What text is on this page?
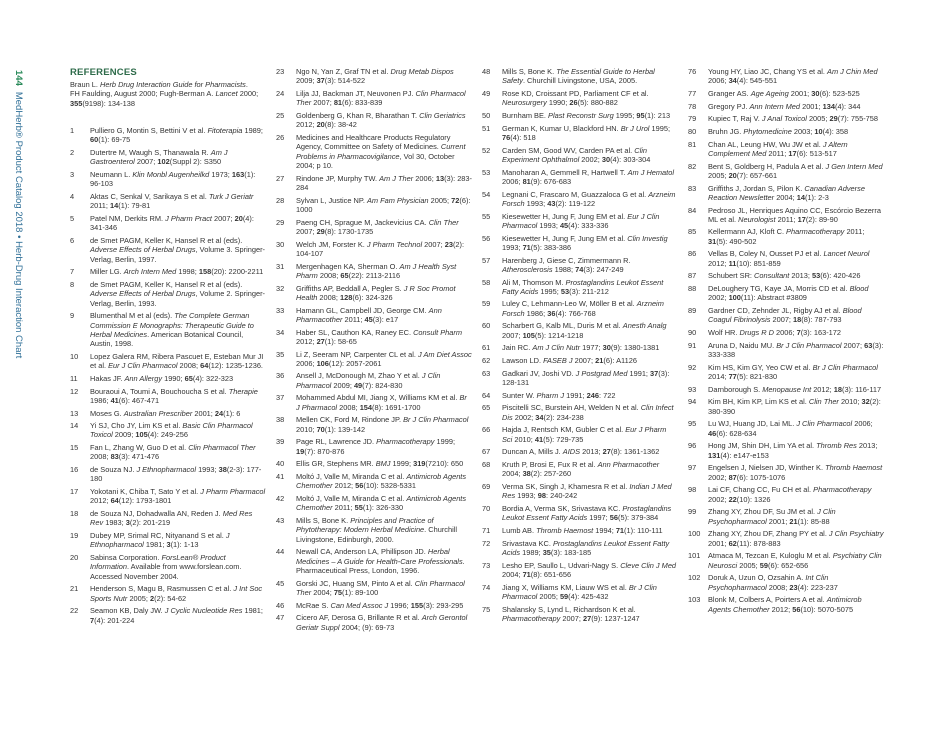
144MedHerb® Product Catalog 2018 • Herb-Drug Interaction Chart
REFERENCES
Braun L. Herb Drug Interaction Guide for Pharmacists.
FH Faulding, August 2000; Fugh-Berman A. Lancet 2000;
355(9198): 134-138
1	Pulliero G, Montin S, Bettini V et al. Fitoterapia 1989; 60(1): 69-75
2	Dutertre M, Waugh S, Thanawala R. Am J Gastroenterol 2007; 102(Suppl 2): S350
3	Neumann L. Klin Monbl Augenheilkd 1973; 163(1): 96-103
4	Aktas C, Senkal V, Sarikaya S et al. Turk J Geriatr 2011; 14(1): 79-81
5	Patel NM, Derkits RM. J Pharm Pract 2007; 20(4): 341-346
6	de Smet PAGM, Keller K, Hansel R et al (eds). Adverse Effects of Herbal Drugs, Volume 3. Springer-Verlag, Berlin, 1997.
7	Miller LG. Arch Intern Med 1998; 158(20): 2200-2211
8	de Smet PAGM, Keller K, Hansel R et al (eds). Adverse Effects of Herbal Drugs, Volume 2. Springer-Verlag, Berlin, 1993.
9	Blumenthal M et al (eds). The Complete German Commission E Monographs: Therapeutic Guide to Herbal Medicines. American Botanical Council, Austin, 1998.
10	Lopez Galera RM, Ribera Pascuet E, Esteban Mur JI et al. Eur J Clin Pharmacol 2008; 64(12): 1235-1236.
11	Hakas JF. Ann Allergy 1990; 65(4): 322-323
12	Bouraoui A, Toumi A, Bouchoucha S et al. Therapie 1986; 41(6): 467-471
13	Moses G. Australian Prescriber 2001; 24(1): 6
14	Yi SJ, Cho JY, Lim KS et al. Basic Clin Pharmacol Toxicol 2009; 105(4): 249-256
15	Fan L, Zhang W, Guo D et al. Clin Pharmacol Ther 2008; 83(3): 471-476
16	de Souza NJ. J Ethnopharmacol 1993; 38(2-3): 177-180
17	Yokotani K, Chiba T, Sato Y et al. J Pharm Pharmacol 2012; 64(12): 1793-1801
18	de Souza NJ, Dohadwalla AN, Reden J. Med Res Rev 1983; 3(2): 201-219
19	Dubey MP, Srimal RC, Nityanand S et al. J Ethnopharmacol 1981; 3(1): 1-13
20	Sabinsa Corporation. ForsLean® Product Information. Available from www.forslean.com. Accessed November 2004.
21	Henderson S, Magu B, Rasmussen C et al. J Int Soc Sports Nutr 2005; 2(2): 54-62
22	Seamon KB, Daly JW. J Cyclic Nucleotide Res 1981; 7(4): 201-224
23	Ngo N, Yan Z, Graf TN et al. Drug Metab Dispos 2009; 37(3): 514-522
24	Lilja JJ, Backman JT, Neuvonen PJ. Clin Pharmacol Ther 2007; 81(6): 833-839
25	Goldenberg G, Khan R, Bharathan T. Clin Geriatrics 2012; 20(8): 38-42
26	Medicines and Healthcare Products Regulatory Agency, Committee on Safety of Medicines. Current Problems in Pharmacovigilance, Vol 30, October 2004; p 10.
27	Rindone JP, Murphy TW. Am J Ther 2006; 13(3): 283-284
28	Sylvan L, Justice NP. Am Fam Physician 2005; 72(6): 1000
29	Paeng CH, Sprague M, Jackevicius CA. Clin Ther 2007; 29(8): 1730-1735
30	Welch JM, Forster K. J Pharm Technol 2007; 23(2): 104-107
31	Mergenhagen KA, Sherman O. Am J Health Syst Pharm 2008; 65(22): 2113-2116
32	Griffiths AP, Beddall A, Pegler S. J R Soc Promot Health 2008; 128(6): 324-326
33	Hamann GL, Campbell JD, George CM. Ann Pharmacother 2011; 45(3): e17
34	Haber SL, Cauthon KA, Raney EC. Consult Pharm 2012; 27(1): 58-65
35	Li Z, Seeram NP, Carpenter CL et al. J Am Diet Assoc 2006; 106(12): 2057-2061
36	Ansell J, McDonough M, Zhao Y et al. J Clin Pharmacol 2009; 49(7): 824-830
37	Mohammed Abdul MI, Jiang X, Williams KM et al. Br J Pharmacol 2008; 154(8): 1691-1700
38	Mellen CK, Ford M, Rindone JP. Br J Clin Pharmacol 2010; 70(1): 139-142
39	Page RL, Lawrence JD. Pharmacotherapy 1999; 19(7): 870-876
40	Ellis GR, Stephens MR. BMJ 1999; 319(7210): 650
41	Moltó J, Valle M, Miranda C et al. Antimicrob Agents Chemother 2012; 56(10): 5328-5331
42	Moltó J, Valle M, Miranda C et al. Antimicrob Agents Chemother 2011; 55(1): 326-330
43	Mills S, Bone K. Principles and Practice of Phytotherapy: Modern Herbal Medicine. Churchill Livingstone, Edinburgh, 2000.
44	Newall CA, Anderson LA, Phillipson JD. Herbal Medicines – A Guide for Health-Care Professionals. Pharmaceutical Press, London, 1996.
45	Gorski JC, Huang SM, Pinto A et al. Clin Pharmacol Ther 2004; 75(1): 89-100
46	McRae S. Can Med Assoc J 1996; 155(3): 293-295
47	Cicero AF, Derosa G, Brillante R et al. Arch Gerontol Geriatr Suppl 2004; (9): 69-73
48	Mills S, Bone K. The Essential Guide to Herbal Safety. Churchill Livingstone, USA, 2005.
49	Rose KD, Croissant PD, Parliament CF et al. Neurosurgery 1990; 26(5): 880-882
50	Burnham BE. Plast Reconstr Surg 1995; 95(1): 213
51	German K, Kumar U, Blackford HN. Br J Urol 1995; 76(4): 518
52	Carden SM, Good WV, Carden PA et al. Clin Experiment Ophthalmol 2002; 30(4): 303-304
53	Manoharan A, Gemmell R, Hartwell T. Am J Hematol 2006; 81(9): 676-683
54	Legnani C, Frascaro M, Guazzaloca G et al. Arzneim Forsch 1993; 43(2): 119-122
55	Kiesewetter H, Jung F, Jung EM et al. Eur J Clin Pharmacol 1993; 45(4): 333-336
56	Kiesewetter H, Jung F, Jung EM et al. Clin Investig 1993; 71(5): 383-386
57	Harenberg J, Giese C, Zimmermann R. Atherosclerosis 1988; 74(3): 247-249
58	Ali M, Thomson M. Prostaglandins Leukot Essent Fatty Acids 1995; 53(3): 211-212
59	Luley C, Lehmann-Leo W, Möller B et al. Arzneim Forsch 1986; 36(4): 766-768
60	Scharbert G, Kalb ML, Duris M et al. Anesth Analg 2007; 105(5): 1214-1218
61	Jain RC. Am J Clin Nutr 1977; 30(9): 1380-1381
62	Lawson LD. FASEB J 2007; 21(6): A1126
63	Gadkari JV, Joshi VD. J Postgrad Med 1991; 37(3): 128-131
64	Sunter W. Pharm J 1991; 246: 722
65	Piscitelli SC, Burstein AH, Welden N et al. Clin Infect Dis 2002; 34(2): 234-238
66	Hajda J, Rentsch KM, Gubler C et al. Eur J Pharm Sci 2010; 41(5): 729-735
67	Duncan A, Mills J. AIDS 2013; 27(8): 1361-1362
68	Kruth P, Brosi E, Fux R et al. Ann Pharmacother 2004; 38(2): 257-260
69	Verma SK, Singh J, Khamesra R et al. Indian J Med Res 1993; 98: 240-242
70	Bordia A, Verma SK, Srivastava KC. Prostaglandins Leukot Essent Fatty Acids 1997; 56(5): 379-384
71	Lumb AB. Thromb Haemost 1994; 71(1): 110-111
72	Srivastava KC. Prostaglandins Leukot Essent Fatty Acids 1989; 35(3): 183-185
73	Lesho EP, Saullo L, Udvari-Nagy S. Cleve Clin J Med 2004; 71(8): 651-656
74	Jiang X, Williams KM, Liauw WS et al. Br J Clin Pharmacol 2005; 59(4): 425-432
75	Shalansky S, Lynd L, Richardson K et al. Pharmacotherapy 2007; 27(9): 1237-1247
76	Young HY, Liao JC, Chang YS et al. Am J Chin Med 2006; 34(4): 545-551
77	Granger AS. Age Ageing 2001; 30(6): 523-525
78	Gregory PJ. Ann Intern Med 2001; 134(4): 344
79	Kupiec T, Raj V. J Anal Toxicol 2005; 29(7): 755-758
80	Bruhn JG. Phytomedicine 2003; 10(4): 358
81	Chan AL, Leung HW, Wu JW et al. J Altern Complement Med 2011; 17(6): 513-517
82	Bent S, Goldberg H, Padula A et al. J Gen Intern Med 2005; 20(7): 657-661
83	Griffiths J, Jordan S, Pilon K. Canadian Adverse Reaction Newsletter 2004; 14(1): 2-3
84	Pedroso JL, Henriques Aquino CC, Escórcio Bezerra ML et al. Neurologist 2011; 17(2): 89-90
85	Kellermann AJ, Kloft C. Pharmacotherapy 2011; 31(5): 490-502
86	Vellas B, Coley N, Ousset PJ et al. Lancet Neurol 2012; 11(10): 851-859
87	Schubert SR: Consultant 2013; 53(6): 420-426
88	DeLoughery TG, Kaye JA, Morris CD et al. Blood 2002; 100(11): Abstract #3809
89	Gardner CD, Zehnder JL, Rigby AJ et al. Blood Coagul Fibrinolysis 2007; 18(8): 787-793
90	Wolf HR. Drugs R D 2006; 7(3): 163-172
91	Aruna D, Naidu MU. Br J Clin Pharmacol 2007; 63(3): 333-338
92	Kim HS, Kim GY, Yeo CW et al. Br J Clin Pharmacol 2014; 77(5): 821-830
93	Darnborough S. Menopause Int 2012; 18(3): 116-117
94	Kim BH, Kim KP, Lim KS et al. Clin Ther 2010; 32(2): 380-390
95	Lu WJ, Huang JD, Lai ML. J Clin Pharmacol 2006; 46(6): 628-634
96	Hong JM, Shin DH, Lim YA et al. Thromb Res 2013; 131(4): e147-e153
97	Engelsen J, Nielsen JD, Winther K. Thromb Haemost 2002; 87(6): 1075-1076
98	Lai CF, Chang CC, Fu CH et al. Pharmacotherapy 2002; 22(10): 1326
99	Zhang XY, Zhou DF, Su JM et al. J Clin Psychopharmacol 2001; 21(1): 85-88
100	Zhang XY, Zhou DF, Zhang PY et al. J Clin Psychiatry 2001; 62(11): 878-883
101	Atmaca M, Tezcan E, Kuloglu M et al. Psychiatry Clin Neurosci 2005; 59(6): 652-656
102	Doruk A, Uzun O, Ozsahin A. Int Clin Psychopharmacol 2008; 23(4): 223-237
103	Blonk M, Colbers A, Poirters A et al. Antimicrob Agents Chemother 2012; 56(10): 5070-5075
